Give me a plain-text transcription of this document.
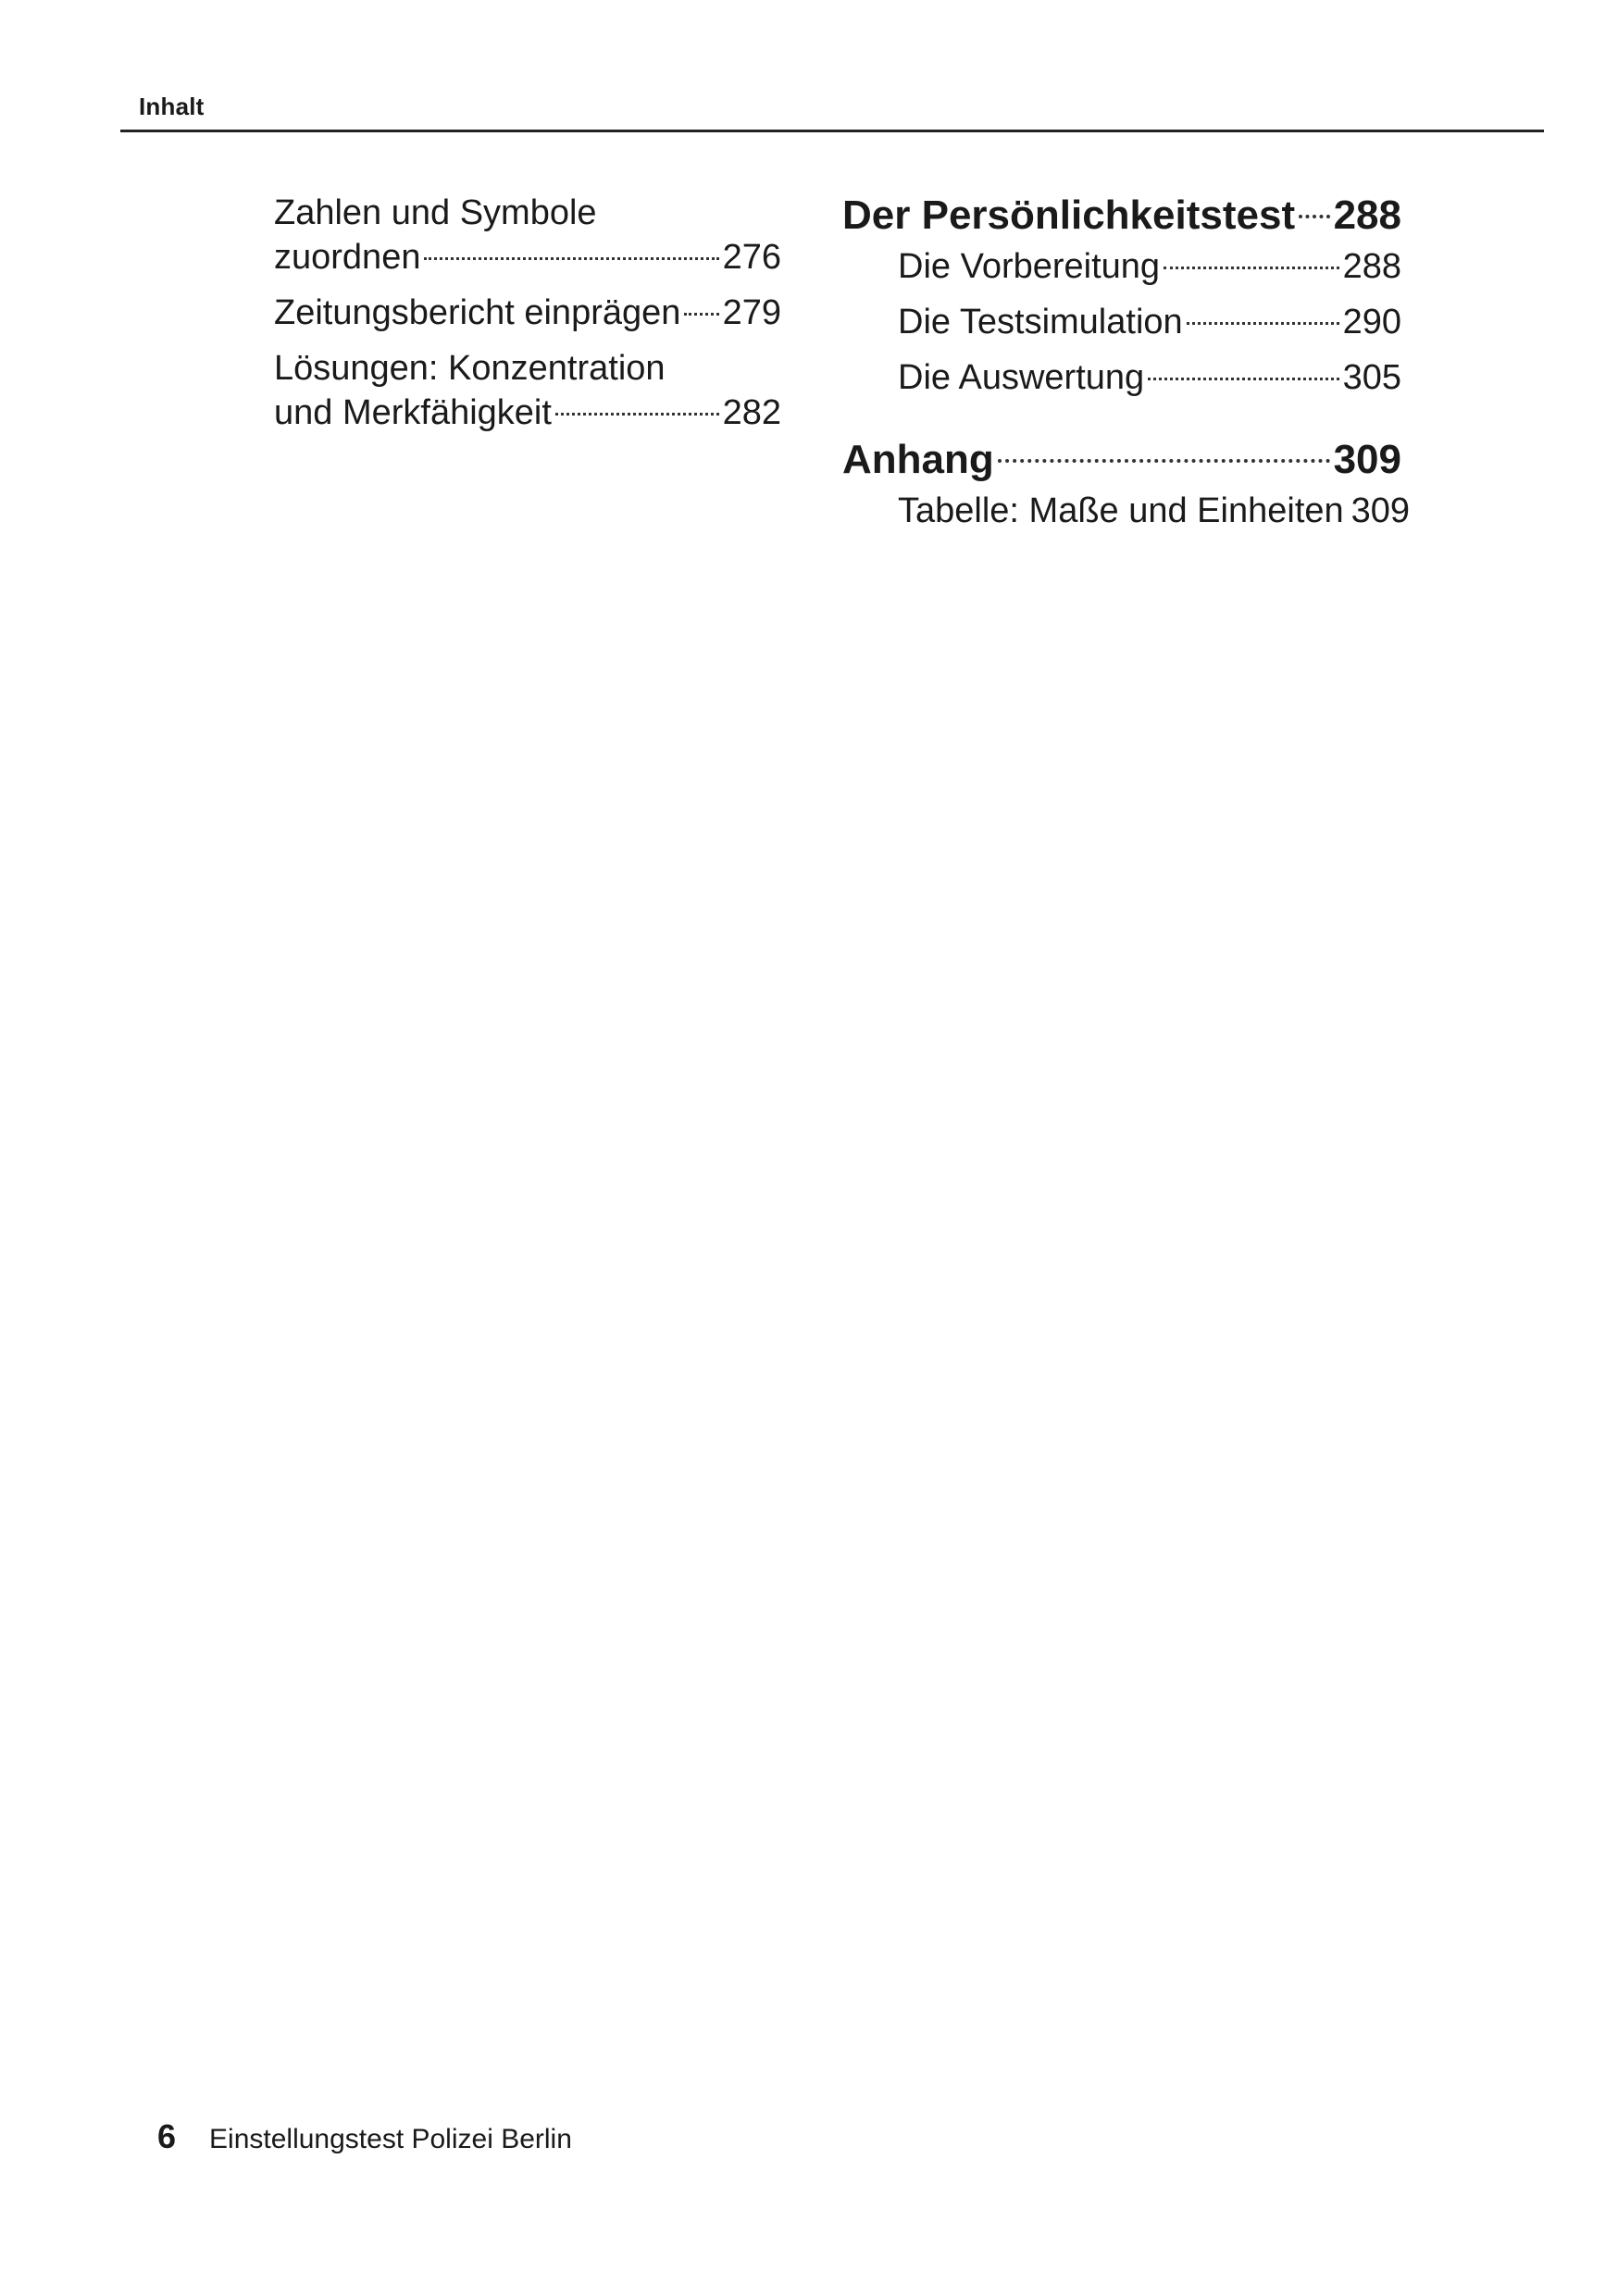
Inhalt
Zahlen und Symbole
zuordnen	276
Zeitungsbericht einprägen 279
Lösungen: Konzentration
und Merkfähigkeit	282
Der Persönlichkeitstest 288
Die Vorbereitung	288
Die Testsimulation	290
Die Auswertung	305
Anhang	309
Tabelle: Maße und Einheiten 309
6 Einstellungstest Polizei Berlin
